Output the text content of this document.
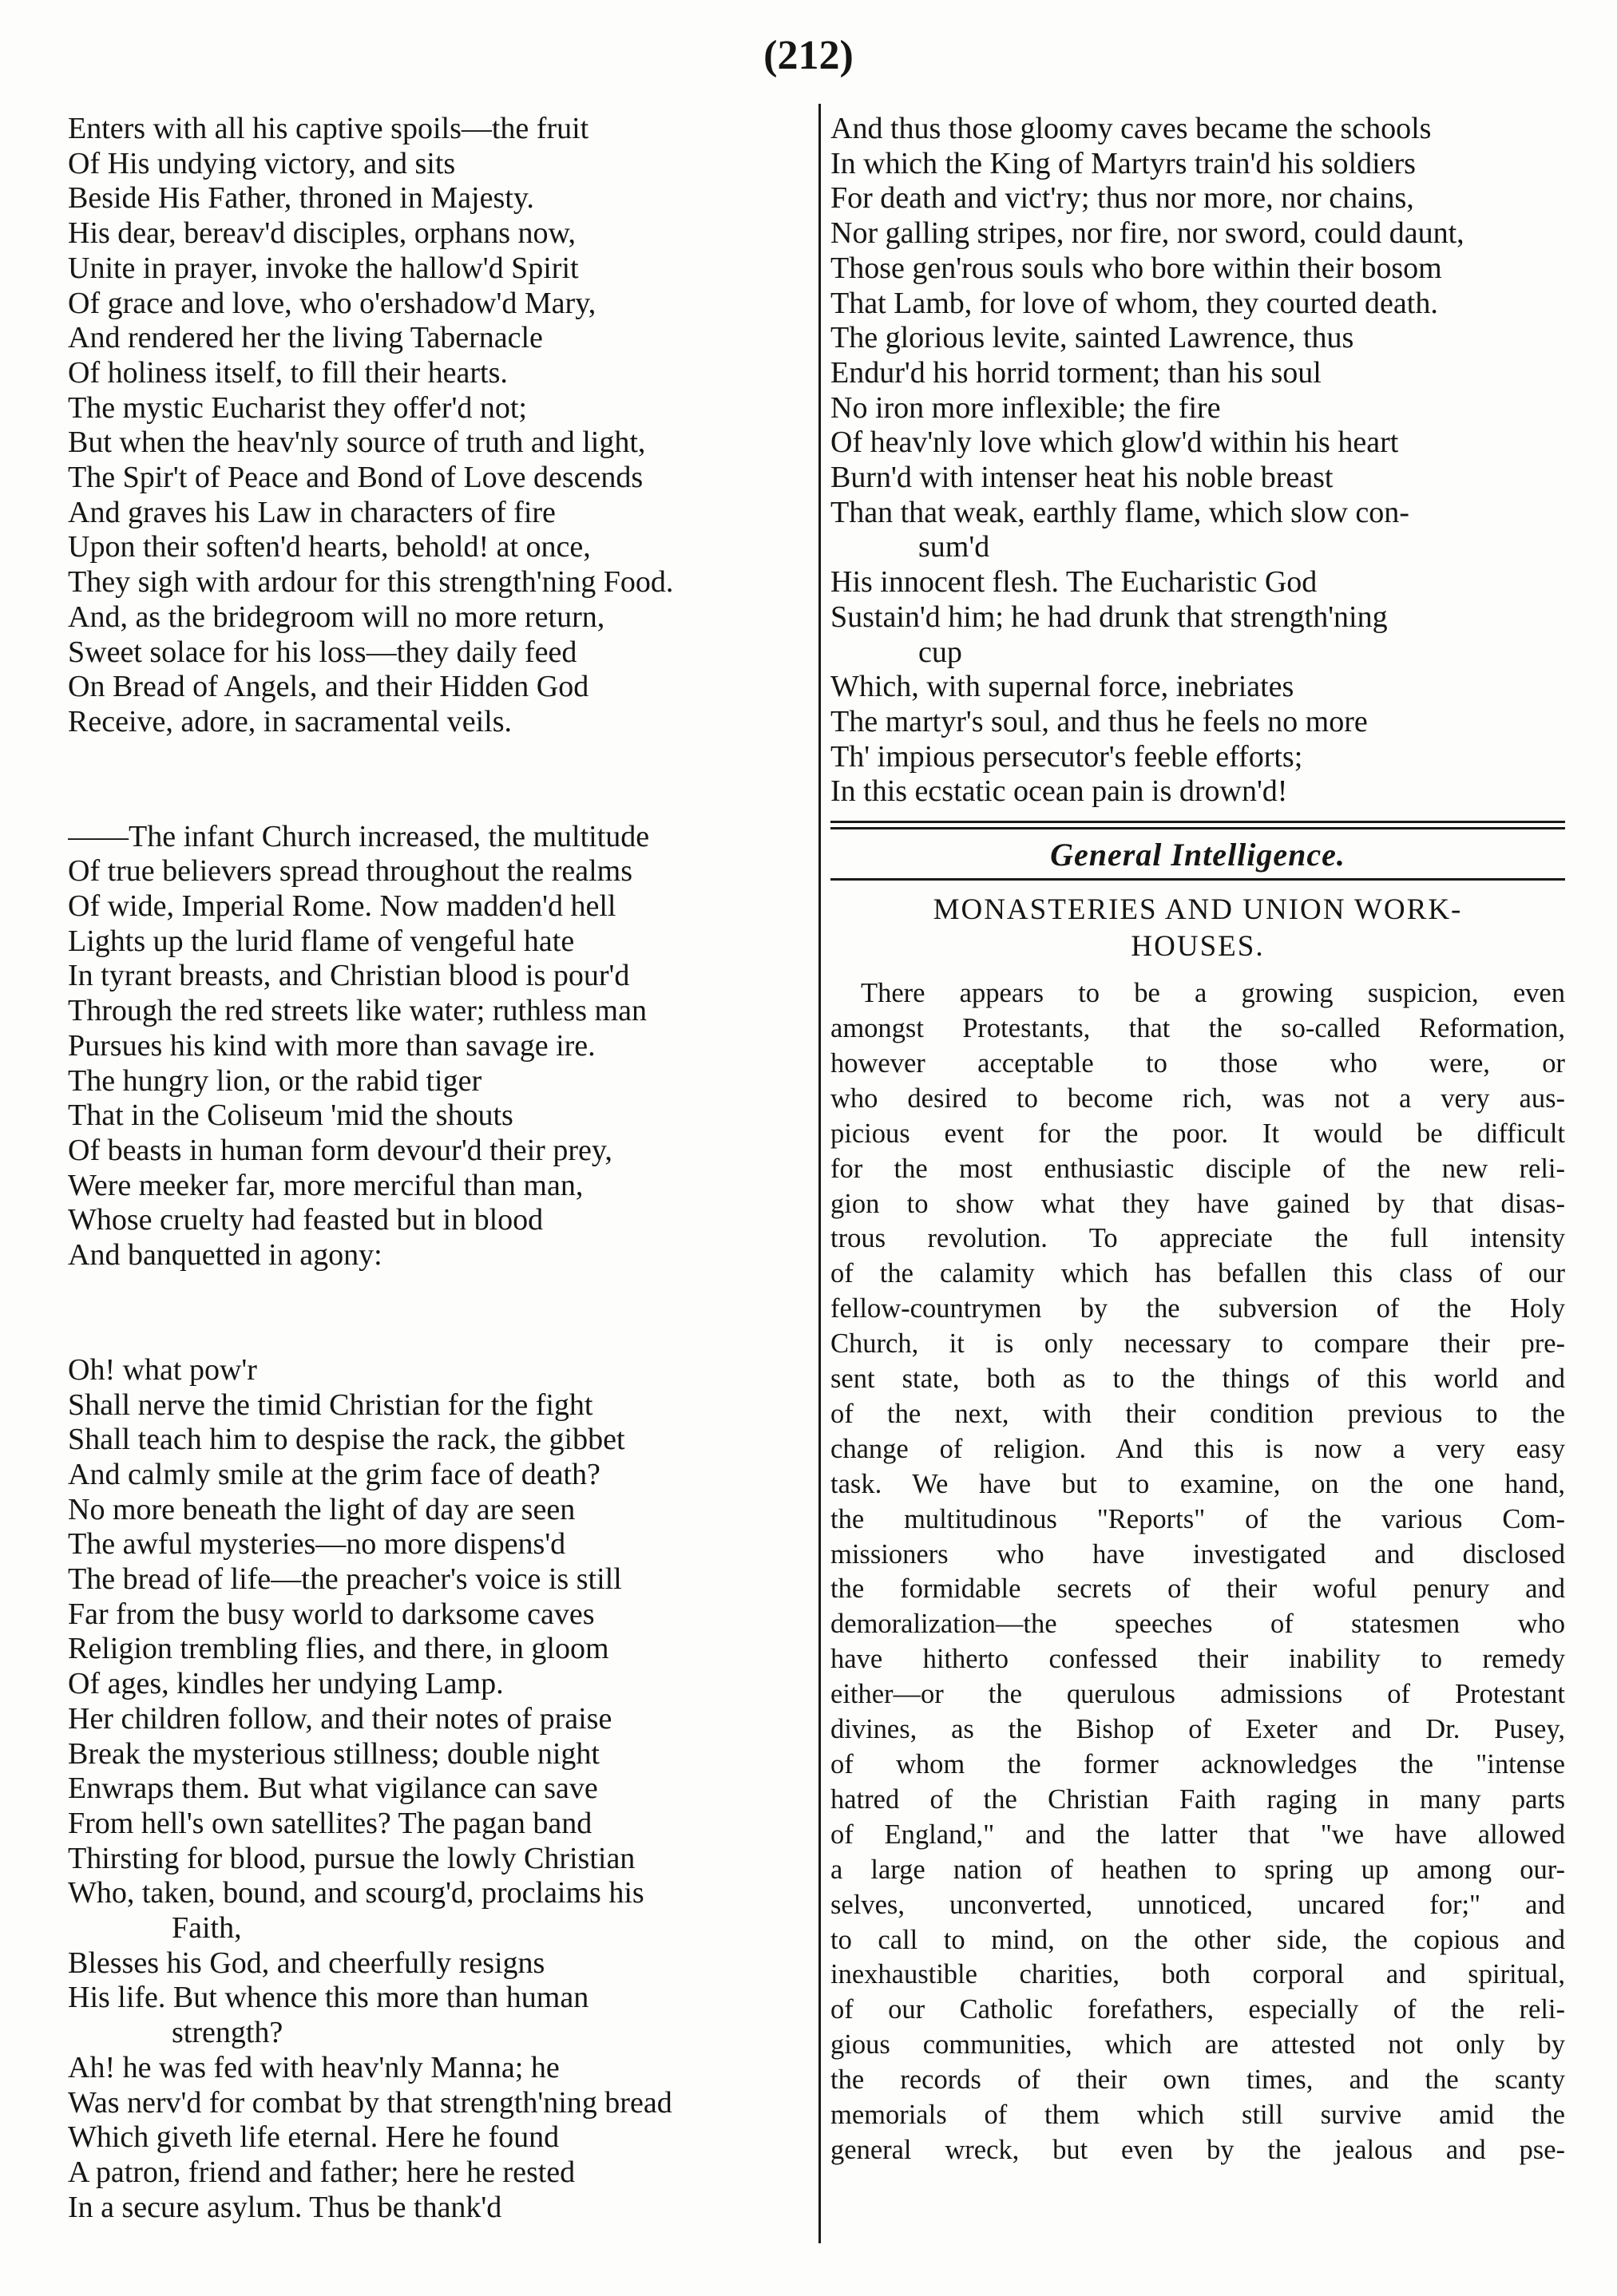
(212)
Enters with all his captive spoils—the fruit
Of His undying victory, and sits
Beside His Father, throned in Majesty.
His dear, bereav'd disciples, orphans now,
Unite in prayer, invoke the hallow'd Spirit
Of grace and love, who o'ershadow'd Mary,
And rendered her the living Tabernacle
Of holiness itself, to fill their hearts.
The mystic Eucharist they offer'd not;
But when the heav'nly source of truth and light,
The Spir't of Peace and Bond of Love descends
And graves his Law in characters of fire
Upon their soften'd hearts, behold! at once,
They sigh with ardour for this strength'ning Food.
And, as the bridegroom will no more return,
Sweet solace for his loss—they daily feed
On Bread of Angels, and their Hidden God
Receive, adore, in sacramental veils.
——The infant Church increased, the multitude
Of true believers spread throughout the realms
Of wide, Imperial Rome. Now madden'd hell
Lights up the lurid flame of vengeful hate
In tyrant breasts, and Christian blood is pour'd
Through the red streets like water; ruthless man
Pursues his kind with more than savage ire.
The hungry lion, or the rabid tiger
That in the Coliseum 'mid the shouts
Of beasts in human form devour'd their prey,
Were meeker far, more merciful than man,
Whose cruelty had feasted but in blood
And banquetted in agony:
Oh! what pow'r
Shall nerve the timid Christian for the fight
Shall teach him to despise the rack, the gibbet
And calmly smile at the grim face of death?
No more beneath the light of day are seen
The awful mysteries—no more dispens'd
The bread of life—the preacher's voice is still
Far from the busy world to darksome caves
Religion trembling flies, and there, in gloom
Of ages, kindles her undying Lamp.
Her children follow, and their notes of praise
Break the mysterious stillness; double night
Enwraps them. But what vigilance can save
From hell's own satellites? The pagan band
Thirsting for blood, pursue the lowly Christian
Who, taken, bound, and scourg'd, proclaims his
Faith,
Blesses his God, and cheerfully resigns
His life. But whence this more than human
strength?
Ah! he was fed with heav'nly Manna; he
Was nerv'd for combat by that strength'ning bread
Which giveth life eternal. Here he found
A patron, friend and father; here he rested
In a secure asylum. Thus be thank'd
And thus those gloomy caves became the schools
In which the King of Martyrs train'd his soldiers
For death and vict'ry; thus nor more, nor chains,
Nor galling stripes, nor fire, nor sword, could daunt,
Those gen'rous souls who bore within their bosom
That Lamb, for love of whom, they courted death.
The glorious levite, sainted Lawrence, thus
Endur'd his horrid torment; than his soul
No iron more inflexible; the fire
Of heav'nly love which glow'd within his heart
Burn'd with intenser heat his noble breast
Than that weak, earthly flame, which slow con-
sum'd
His innocent flesh. The Eucharistic God
Sustain'd him; he had drunk that strength'ning
cup
Which, with supernal force, inebriates
The martyr's soul, and thus he feels no more
Th' impious persecutor's feeble efforts;
In this ecstatic ocean pain is drown'd!
General Intelligence.
MONASTERIES AND UNION WORK-
HOUSES.
There appears to be a growing suspicion, even
amongst Protestants, that the so-called Reformation,
however acceptable to those who were, or
who desired to become rich, was not a very aus-
picious event for the poor. It would be difficult
for the most enthusiastic disciple of the new reli-
gion to show what they have gained by that disas-
trous revolution. To appreciate the full intensity
of the calamity which has befallen this class of our
fellow-countrymen by the subversion of the Holy
Church, it is only necessary to compare their pre-
sent state, both as to the things of this world and
of the next, with their condition previous to the
change of religion. And this is now a very easy
task. We have but to examine, on the one hand,
the multitudinous "Reports" of the various Com-
missioners who have investigated and disclosed
the formidable secrets of their woful penury and
demoralization—the speeches of statesmen who
have hitherto confessed their inability to remedy
either—or the querulous admissions of Protestant
divines, as the Bishop of Exeter and Dr. Pusey,
of whom the former acknowledges the "intense
hatred of the Christian Faith raging in many parts
of England," and the latter that "we have allowed
a large nation of heathen to spring up among our-
selves, unconverted, unnoticed, uncared for;" and
to call to mind, on the other side, the copious and
inexhaustible charities, both corporal and spiritual,
of our Catholic forefathers, especially of the reli-
gious communities, which are attested not only by
the records of their own times, and the scanty
memorials of them which still survive amid the
general wreck, but even by the jealous and pse-
